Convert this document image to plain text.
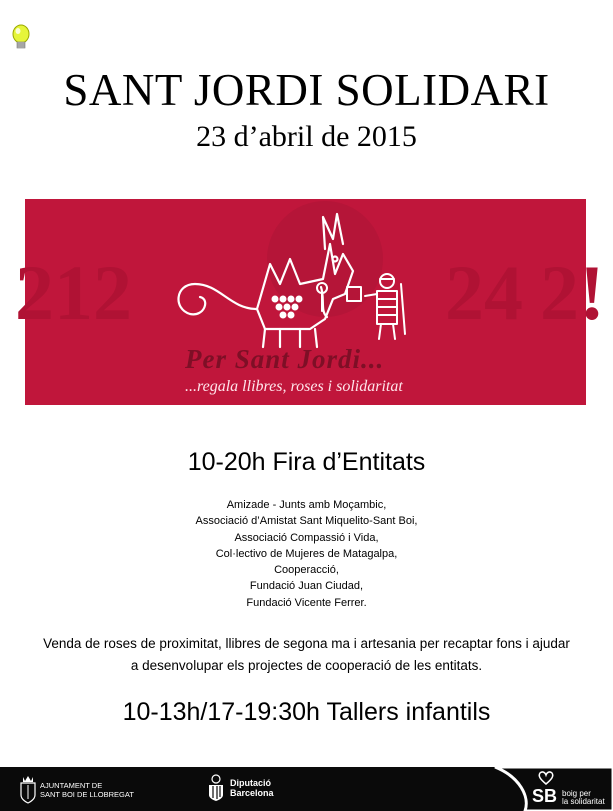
SANT JORDI SOLIDARI
23 d’abril de 2015
212	24 2!
Per Sant Jordi...
...regala llibres, roses i solidaritat
10-20h Fira d’Entitats
Amizade - Junts amb Moçambic,
Associació d’Amistat Sant Miquelito-Sant Boi,
Associació Compassió i Vida,
Col·lectivo de Mujeres de Matagalpa,
Cooperacció,
Fundació Juan Ciudad,
Fundació Vicente Ferrer.
Venda de roses de proximitat, llibres de segona ma i artesania per recaptar fons i ajudar a desenvolupar els projectes de cooperació de les entitats.
10-13h/17-19:30h Tallers infantils
AJUNTAMENT DE
SANT BOI DE LLOBREGAT
Diputació
Barcelona	SB boig per
la solidaritat
